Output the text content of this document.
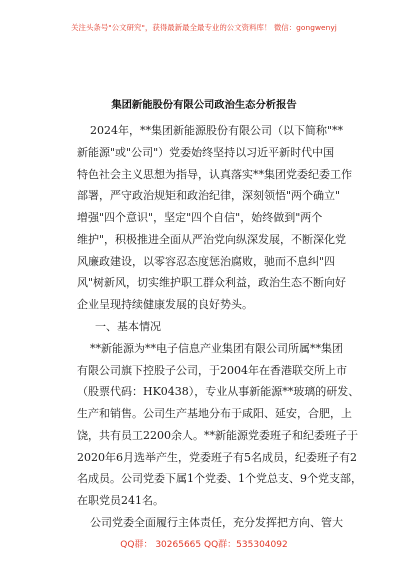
关注头条号"公文研究"，获得最新最全最专业的公文资料库！ 微信：gongwenyj
集团新能股份有限公司政治生态分析报告
2024年，**集团新能源股份有限公司（以下简称"**
新能源"或"公司"）党委始终坚持以习近平新时代中国
特色社会主义思想为指导，认真落实**集团党委纪委工作
部署，严守政治规矩和政治纪律，深刻领悟"两个确立"
增强"四个意识"，坚定"四个自信"，始终做到"两个
维护"，积极推进全面从严治党向纵深发展，不断深化党
风廉政建设，以零容忍态度惩治腐败，驰而不息纠"四
风"树新风，切实维护职工群众利益，政治生态不断向好
企业呈现持续健康发展的良好势头。
一、基本情况
**新能源为**电子信息产业集团有限公司所属**集团
有限公司旗下控股子公司，于2004年在香港联交所上市
（股票代码：HK0438），专业从事新能源**玻璃的研发、
生产和销售。公司生产基地分布于咸阳、延安，合肥，上
饶，共有员工2200余人。**新能源党委班子和纪委班子于
2020年6月选举产生，党委班子有5名成员，纪委班子有2
名成员。公司党委下属1个党委、1个党总支、9个党支部，
在职党员241名。
公司党委全面履行主体责任，充分发挥把方向、管大
QQ群： 30265665 QQ群：535304092
